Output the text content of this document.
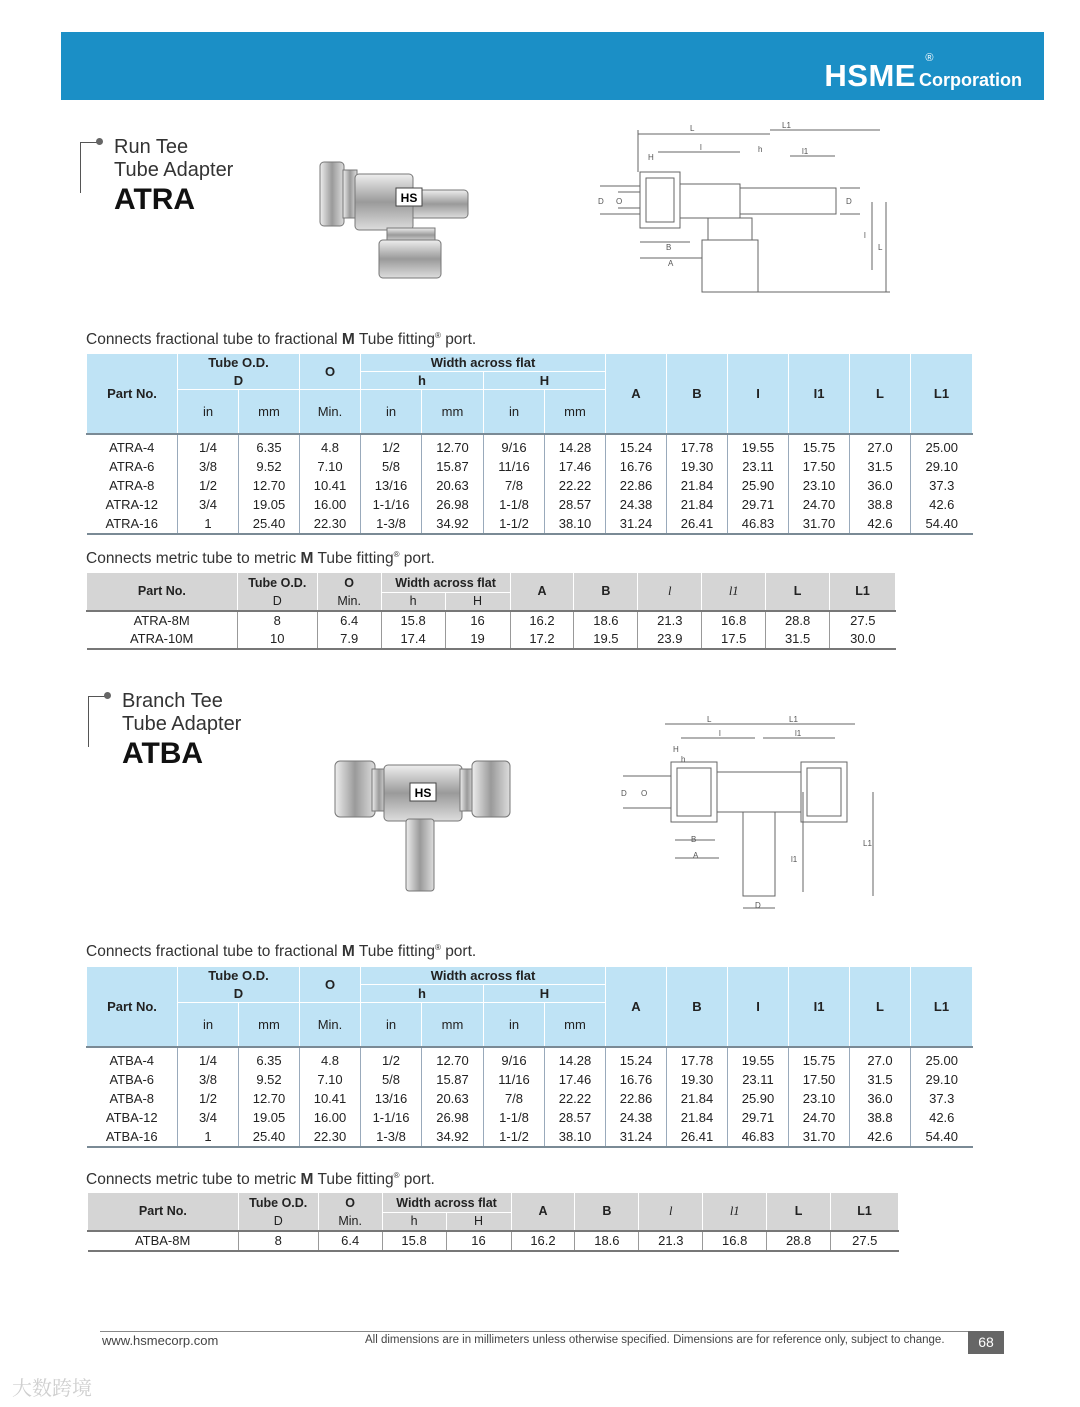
HSME ®
Corporation
Run Tee
Tube Adapter
ATRA	HS
L	L1
l	l1
h
H
D O	D
B
A
l
L
Connects fractional tube to fractional M Tube fitting® port.
Part No.	Tube O.D.		O	Width across flat				A	B	I	I1	L	L1
	D			h		H							
	in	mm	Min.	in	mm	in	mm						
ATRA-4	1/4	6.35	4.8	1/2	12.70	9/16	14.28	15.24	17.78	19.55	15.75	27.0	25.00
ATRA-6	3/8	9.52	7.10	5/8	15.87	11/16	17.46	16.76	19.30	23.11	17.50	31.5	29.10
ATRA-8	1/2	12.70	10.41	13/16	20.63	7/8	22.22	22.86	21.84	25.90	23.10	36.0	37.3
ATRA-12	3/4	19.05	16.00	1-1/16	26.98	1-1/8	28.57	24.38	21.84	29.71	24.70	38.8	42.6
ATRA-16	1	25.40	22.30	1-3/8	34.92	1-1/2	38.10	31.24	26.41	46.83	31.70	42.6	54.40
Connects metric tube to metric M Tube fitting® port.
Part No.	Tube O.D.	O	Width across flat		A	B	l	l1	L	L1
	D	Min.	h	H						
ATRA-8M	8	6.4	15.8	16	16.2	18.6	21.3	16.8	28.8	27.5
ATRA-10M	10	7.9	17.4	19	17.2	19.5	23.9	17.5	31.5	30.0
Branch Tee
Tube Adapter
ATBA
HS
L	L1
l	l1
H
h
D O
B
A
D
l1
L1
Connects fractional tube to fractional M Tube fitting® port.
Part No.	Tube O.D.		O	Width across flat				A	B	I	I1	L	L1
	D			h		H							
	in	mm	Min.	in	mm	in	mm						
ATBA-4	1/4	6.35	4.8	1/2	12.70	9/16	14.28	15.24	17.78	19.55	15.75	27.0	25.00
ATBA-6	3/8	9.52	7.10	5/8	15.87	11/16	17.46	16.76	19.30	23.11	17.50	31.5	29.10
ATBA-8	1/2	12.70	10.41	13/16	20.63	7/8	22.22	22.86	21.84	25.90	23.10	36.0	37.3
ATBA-12	3/4	19.05	16.00	1-1/16	26.98	1-1/8	28.57	24.38	21.84	29.71	24.70	38.8	42.6
ATBA-16	1	25.40	22.30	1-3/8	34.92	1-1/2	38.10	31.24	26.41	46.83	31.70	42.6	54.40
Connects metric tube to metric M Tube fitting® port.
Part No.	Tube O.D.	O	Width across flat		A	B	l	l1	L	L1
	D	Min.	h	H						
ATBA-8M	8	6.4	15.8	16	16.2	18.6	21.3	16.8	28.8	27.5
www.hsmecorp.com	All dimensions are in millimeters unless otherwise specified. Dimensions are for reference only, subject to change.	68
大数跨境
